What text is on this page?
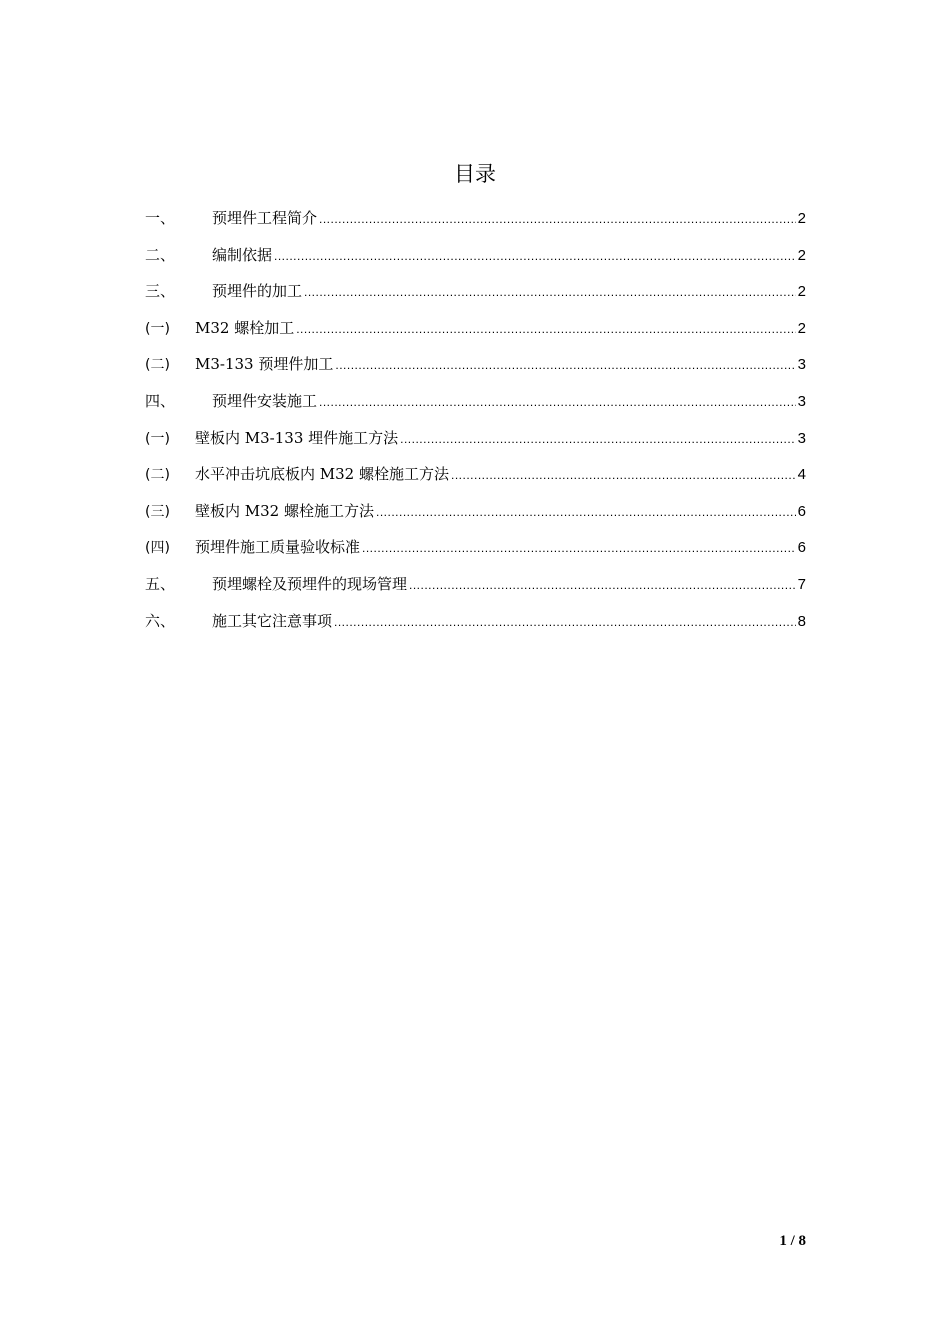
目录
一、	预埋件工程简介 .....	2
二、	编制依据 .....	2
三、	预埋件的加工 .....	2
(一)	M32 螺栓加工 .....	2
(二)	M3-133 预埋件加工 .....	3
四、	预埋件安装施工 .....	3
(一)	壁板内 M3-133 埋件施工方法 .....	3
(二)	水平冲击坑底板内 M32 螺栓施工方法 .....	4
(三)	壁板内 M32 螺栓施工方法 .....	6
(四)	预埋件施工质量验收标准 .....	6
五、	预埋螺栓及预埋件的现场管理 .....	7
六、	施工其它注意事项 .....	8
1 / 8
